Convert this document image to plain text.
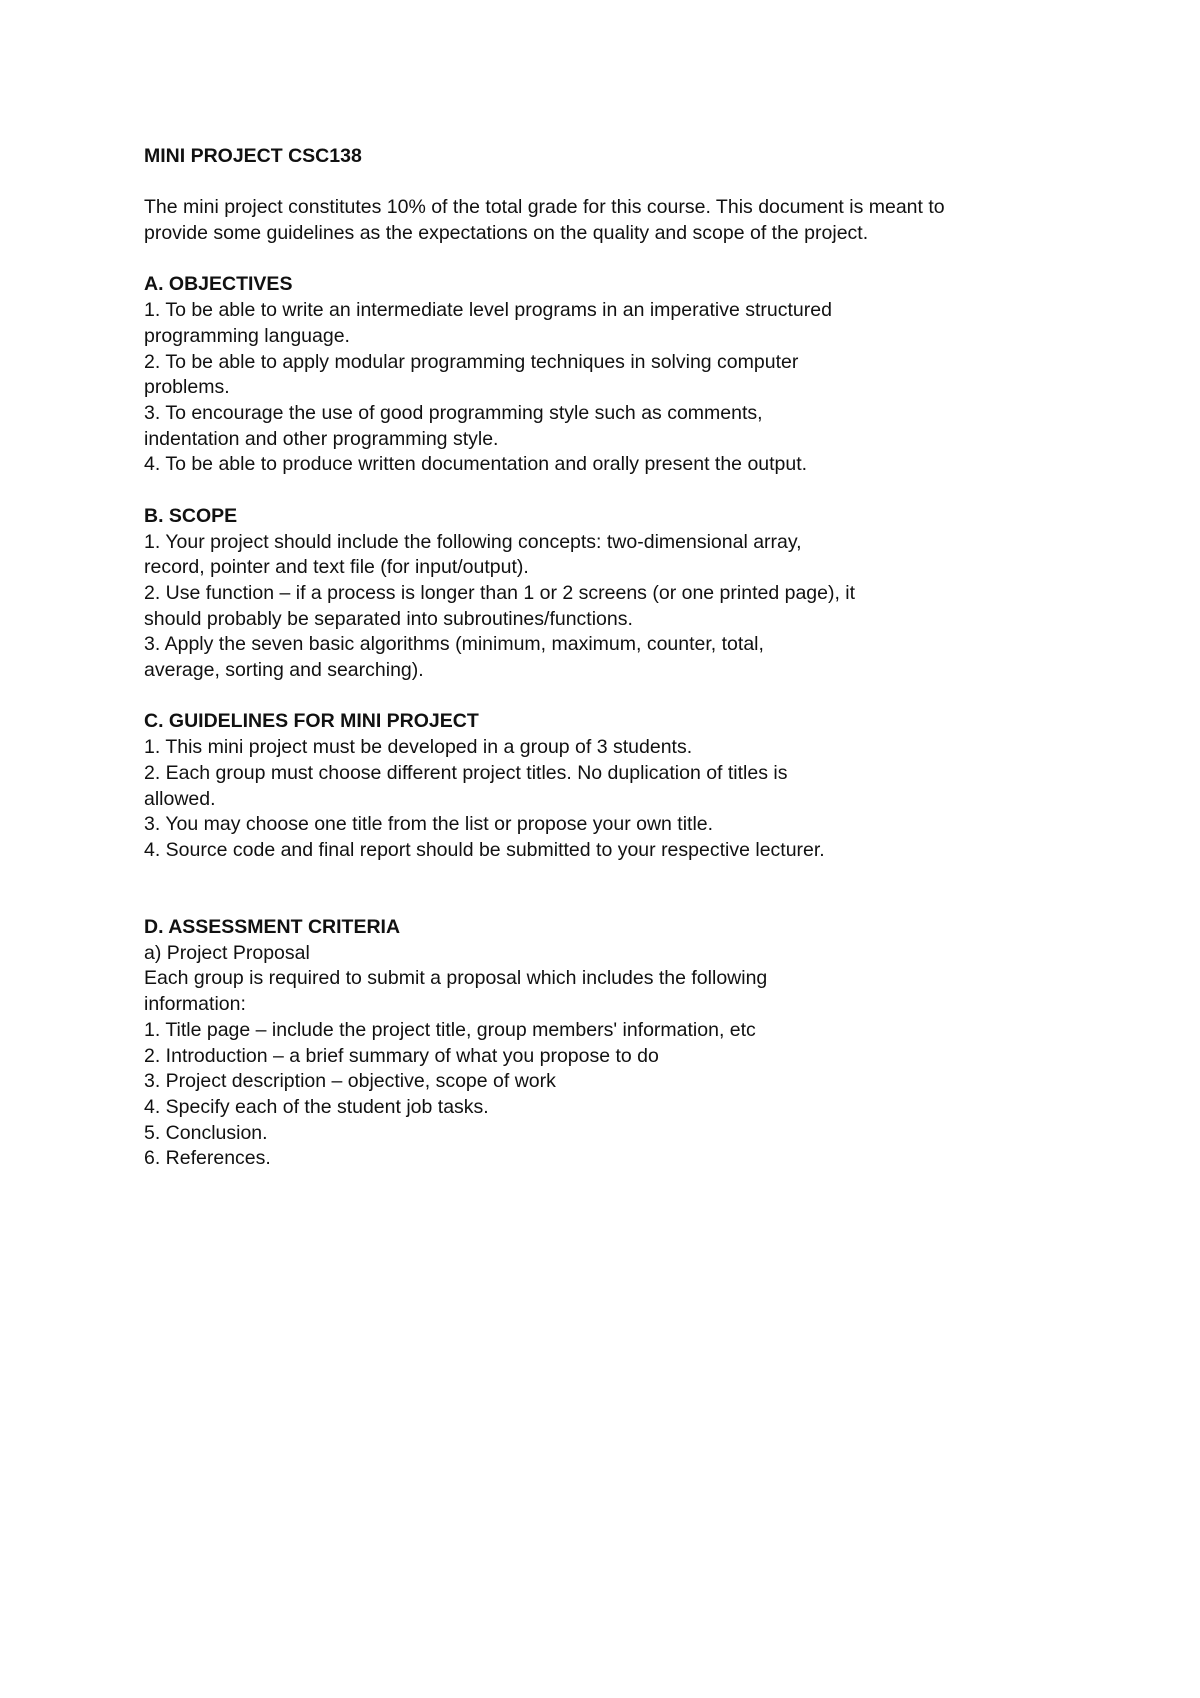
MINI PROJECT CSC138
The mini project constitutes 10% of the total grade for this course. This document is meant to
provide some guidelines as the expectations on the quality and scope of the project.
A. OBJECTIVES
1. To be able to write an intermediate level programs in an imperative structured
programming language.
2. To be able to apply modular programming techniques in solving computer
problems.
3. To encourage the use of good programming style such as comments,
indentation and other programming style.
4. To be able to produce written documentation and orally present the output.
B. SCOPE
1. Your project should include the following concepts: two-dimensional array,
record, pointer and text file (for input/output).
2. Use function – if a process is longer than 1 or 2 screens (or one printed page), it
should probably be separated into subroutines/functions.
3. Apply the seven basic algorithms (minimum, maximum, counter, total,
average, sorting and searching).
C. GUIDELINES FOR MINI PROJECT
1. This mini project must be developed in a group of 3 students.
2. Each group must choose different project titles. No duplication of titles is
allowed.
3. You may choose one title from the list or propose your own title.
4. Source code and final report should be submitted to your respective lecturer.
D. ASSESSMENT CRITERIA
a) Project Proposal
Each group is required to submit a proposal which includes the following
information:
1. Title page – include the project title, group members' information, etc
2. Introduction – a brief summary of what you propose to do
3. Project description – objective, scope of work
4. Specify each of the student job tasks.
5. Conclusion.
6. References.
